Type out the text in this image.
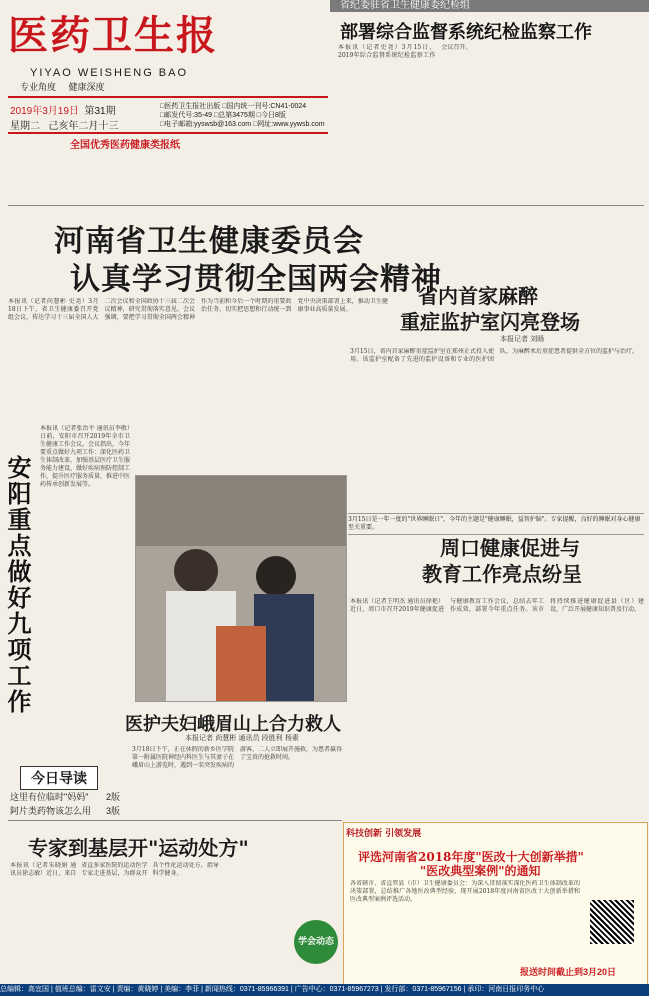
医药卫生报
YIYAO WEISHENG BAO
专业角度 健康深度
2019年3月19日 第31期
星期二 己亥年二月十三
□医药卫生报社出版 □国内统一刊号:CN41-0024
□邮发代号:35-49 □总第3475期 □今日8版
□电子邮箱:yyswsb@163.com □网址:www.yywsb.com
全国优秀医药健康类报纸
省纪委驻省卫生健康委纪检组
部署综合监督系统纪检监察工作
本报讯（记者史尧）3月15日，2019年综合监督系统纪检监察工作会议召开。
河南省卫生健康委员会
认真学习贯彻全国两会精神
本报讯（记者尚慧彬 史尧）3月18日下午，省卫生健康委召开党组会议，传达学习十三届全国人大二次会议和全国政协十三届二次会议精神，研究贯彻落实意见。会议强调，要把学习贯彻全国两会精神作为当前和今后一个时期的重要政治任务，切实把思想和行动统一到党中央决策部署上来，推动卫生健康事业高质量发展。
安阳重点做好九项工作
本报讯（记者张治平 通讯员李敬）日前，安阳市召开2019年全市卫生健康工作会议。会议指出，今年要重点做好九项工作：深化医药卫生体制改革，加强基层医疗卫生服务能力建设，做好疾病预防控制工作，提升医疗服务质量，推进中医药传承创新发展等。
医护夫妇峨眉山上合力救人
本报记者 尚慧彬 通讯员 段胜利 杨素
3月18日下午，正在休假的新乡医学院第一附属医院神经内科医生与其妻子在峨眉山上游览时，遇到一名突发疾病的游客，二人立即展开施救，为患者赢得了宝贵的抢救时间。
省内首家麻醉
重症监护室闪亮登场
本报记者 刘旸
3月15日，省内首家麻醉重症监护室在郑州正式投入使用。该监护室配备了先进的监护设备和专业的医护团队，为麻醉术后重症患者提供全方位的监护与治疗。
3月15日是一年一度的"世界睡眠日"，今年的主题是"健康睡眠，益智护脑"。专家提醒，良好的睡眠对身心健康至关重要。
周口健康促进与
教育工作亮点纷呈
本报讯（记者王明杰 通讯员徐艳）近日，周口市召开2019年健康促进与健康教育工作会议，总结去年工作成效，部署今年重点任务。该市将持续推进健康促进县（区）建设，广泛开展健康知识普及行动。
今日导读
这里有位临时"妈妈" 2版
阿片类药物该怎么用 3版
专家到基层开"运动处方"
本报讯（记者朱晓娟 通讯员徐志敏）近日，来自省直多家医院的运动医学专家走进基层，为群众开具个性化运动处方，指导科学健身。
学会动态
科技创新 引领发展
评选河南省2018年度"医改十大创新举措"
"医改典型案例"的通知
各省辖市、省直管县（市）卫生健康委员会：为深入贯彻落实深化医药卫生体制改革的决策部署，总结推广各地医改典型经验，现开展2018年度河南省医改十大创新举措和医改典型案例评选活动。
报送时间截止到3月20日
总编辑：高宜国 | 值班总编：雷文安 | 责编：黄晓婷 | 美编：李菲 | 新闻热线：0371-85966391 | 广告中心：0371-85967273 | 发行部：0371-85967156 | 承印：河南日报印务中心
